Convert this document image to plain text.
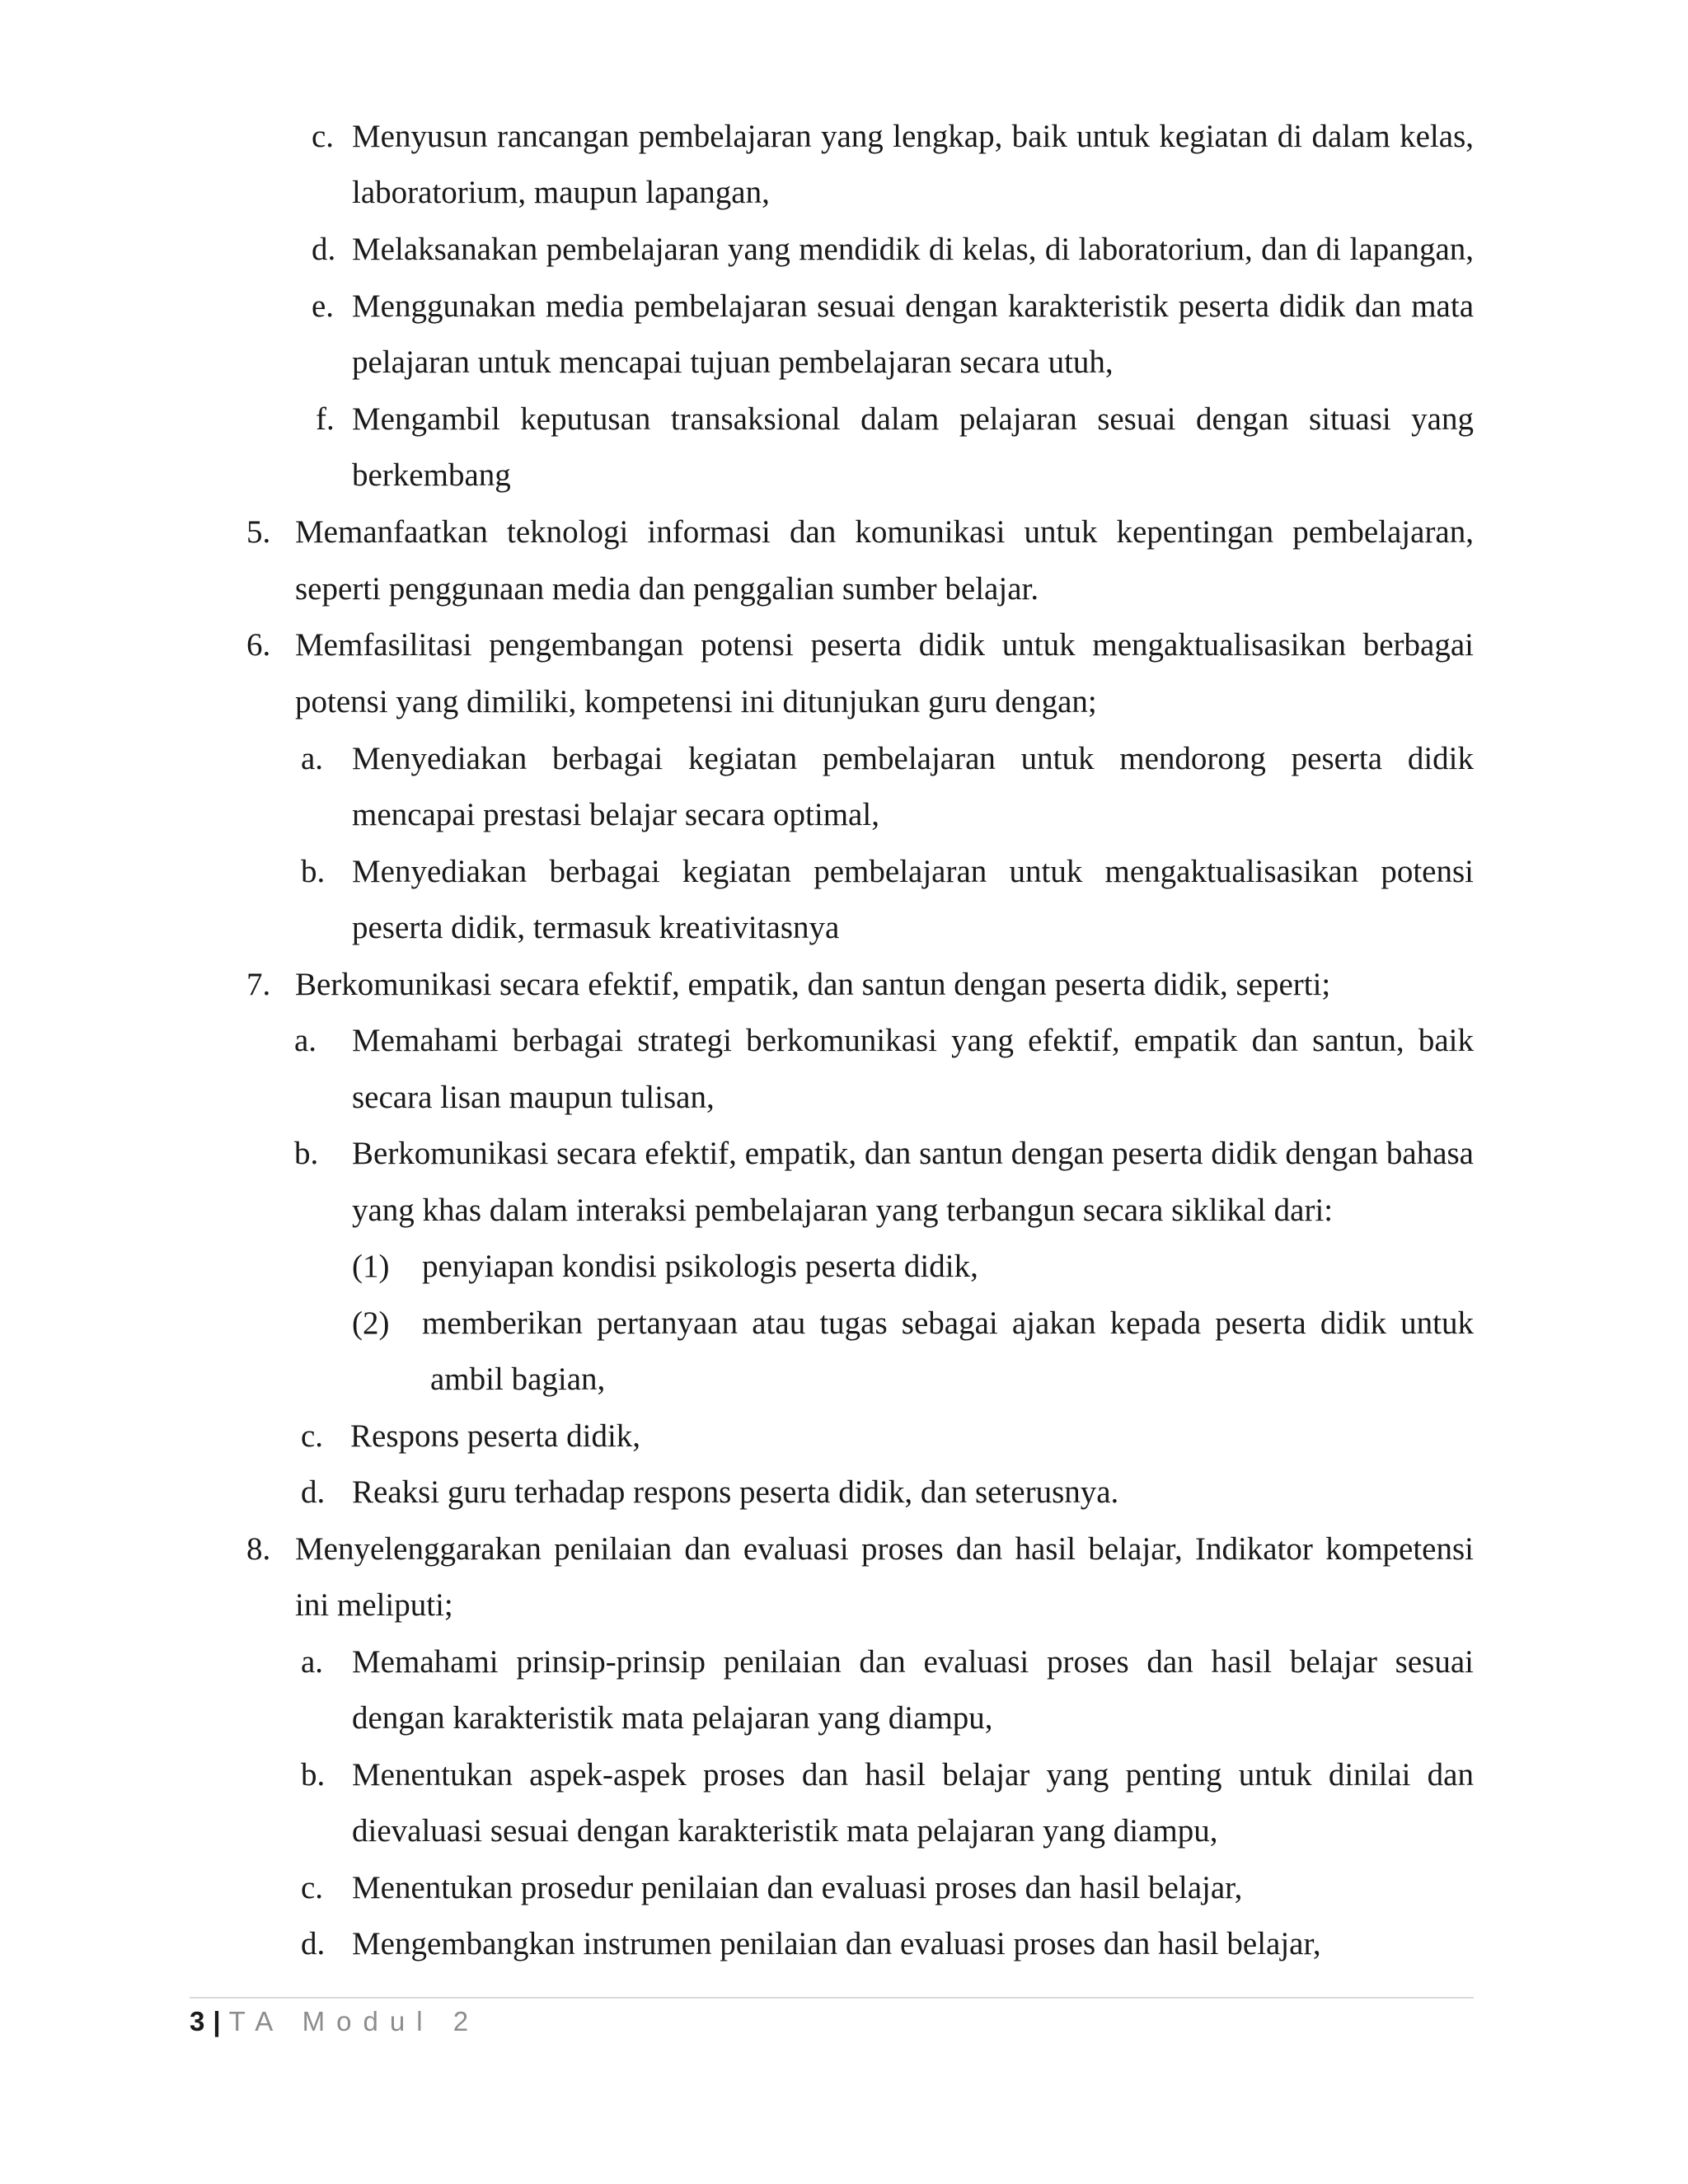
c. Menyusun rancangan pembelajaran yang lengkap, baik untuk kegiatan di dalam kelas,
laboratorium, maupun lapangan,
d. Melaksanakan pembelajaran yang mendidik di kelas, di laboratorium, dan di lapangan,
e. Menggunakan media pembelajaran sesuai dengan karakteristik peserta didik dan mata
pelajaran untuk mencapai tujuan pembelajaran secara utuh,
f. Mengambil keputusan transaksional dalam pelajaran sesuai dengan situasi yang
berkembang
5. Memanfaatkan teknologi informasi dan komunikasi untuk kepentingan pembelajaran,
seperti penggunaan media dan penggalian sumber belajar.
6. Memfasilitasi pengembangan potensi peserta didik untuk mengaktualisasikan berbagai
potensi yang dimiliki, kompetensi ini ditunjukan guru dengan;
a. Menyediakan berbagai kegiatan pembelajaran untuk mendorong peserta didik
mencapai prestasi belajar secara optimal,
b. Menyediakan berbagai kegiatan pembelajaran untuk mengaktualisasikan potensi
peserta didik, termasuk kreativitasnya
7. Berkomunikasi secara efektif, empatik, dan santun dengan peserta didik, seperti;
a. Memahami berbagai strategi berkomunikasi yang efektif, empatik dan santun, baik
secara lisan maupun tulisan,
b. Berkomunikasi secara efektif, empatik, dan santun dengan peserta didik dengan bahasa
yang khas dalam interaksi pembelajaran yang terbangun secara siklikal dari:
(1) penyiapan kondisi psikologis peserta didik,
(2) memberikan pertanyaan atau tugas sebagai ajakan kepada peserta didik untuk
ambil bagian,
c. Respons peserta didik,
d. Reaksi guru terhadap respons peserta didik, dan seterusnya.
8. Menyelenggarakan penilaian dan evaluasi proses dan hasil belajar, Indikator kompetensi
ini meliputi;
a. Memahami prinsip-prinsip penilaian dan evaluasi proses dan hasil belajar sesuai
dengan karakteristik mata pelajaran yang diampu,
b. Menentukan aspek-aspek proses dan hasil belajar yang penting untuk dinilai dan
dievaluasi sesuai dengan karakteristik mata pelajaran yang diampu,
c. Menentukan prosedur penilaian dan evaluasi proses dan hasil belajar,
d. Mengembangkan instrumen penilaian dan evaluasi proses dan hasil belajar,
3 | TA Modul 2
